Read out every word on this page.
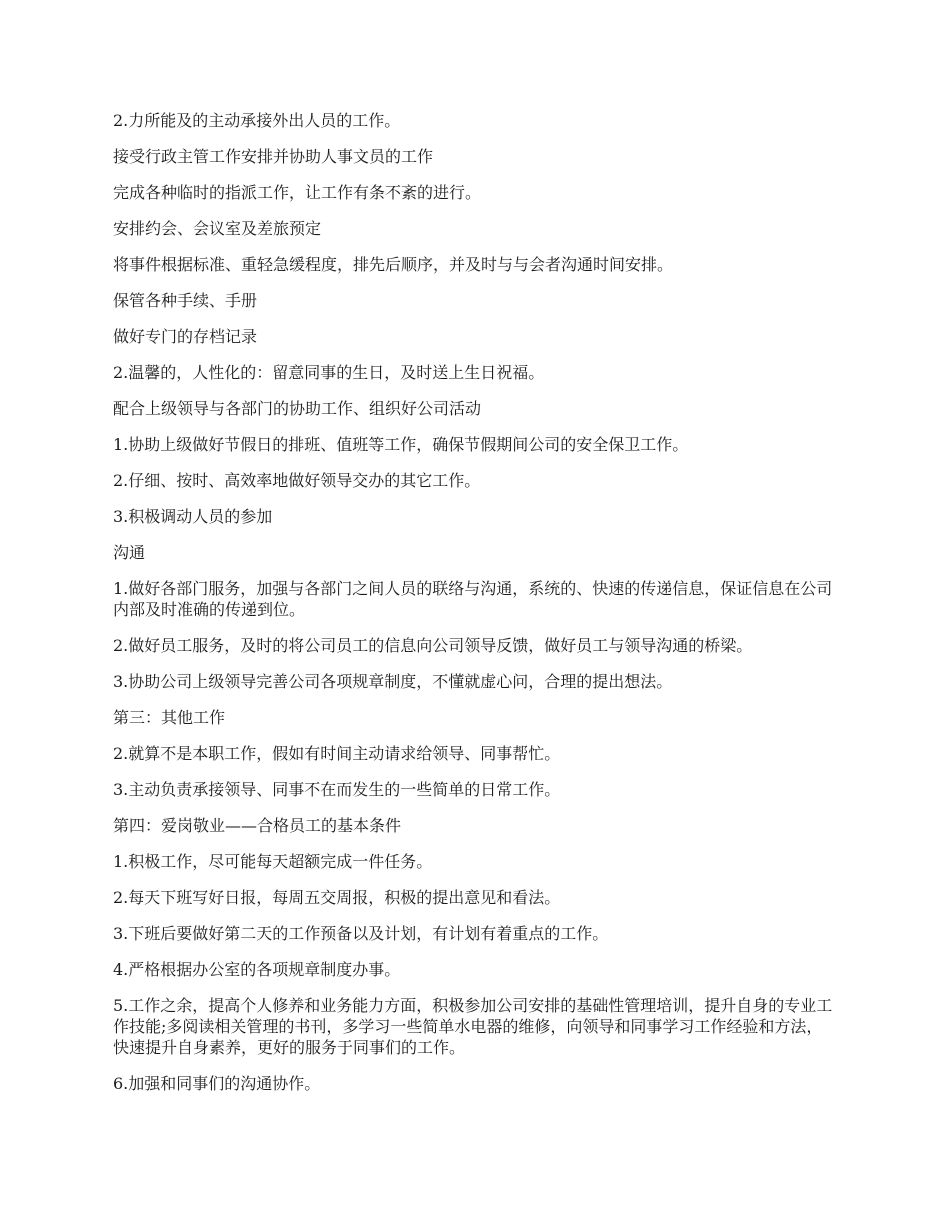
2.力所能及的主动承接外出人员的工作。

接受行政主管工作安排并协助人事文员的工作

完成各种临时的指派工作，让工作有条不紊的进行。

安排约会、会议室及差旅预定

将事件根据标准、重轻急缓程度，排先后顺序，并及时与与会者沟通时间安排。

保管各种手续、手册

做好专门的存档记录

2.温馨的，人性化的：留意同事的生日，及时送上生日祝福。

配合上级领导与各部门的协助工作、组织好公司活动

1.协助上级做好节假日的排班、值班等工作，确保节假期间公司的安全保卫工作。

2.仔细、按时、高效率地做好领导交办的其它工作。

3.积极调动人员的参加

沟通

1.做好各部门服务，加强与各部门之间人员的联络与沟通，系统的、快速的传递信息，保证信息在公司内部及时准确的传递到位。

2.做好员工服务，及时的将公司员工的信息向公司领导反馈，做好员工与领导沟通的桥梁。

3.协助公司上级领导完善公司各项规章制度，不懂就虚心问，合理的提出想法。

第三：其他工作

2.就算不是本职工作，假如有时间主动请求给领导、同事帮忙。

3.主动负责承接领导、同事不在而发生的一些简单的日常工作。

第四：爱岗敬业——合格员工的基本条件

1.积极工作，尽可能每天超额完成一件任务。

2.每天下班写好日报，每周五交周报，积极的提出意见和看法。

3.下班后要做好第二天的工作预备以及计划，有计划有着重点的工作。

4.严格根据办公室的各项规章制度办事。

5.工作之余，提高个人修养和业务能力方面，积极参加公司安排的基础性管理培训，提升自身的专业工作技能;多阅读相关管理的书刊，多学习一些简单水电器的维修，向领导和同事学习工作经验和方法，快速提升自身素养，更好的服务于同事们的工作。

6.加强和同事们的沟通协作。
